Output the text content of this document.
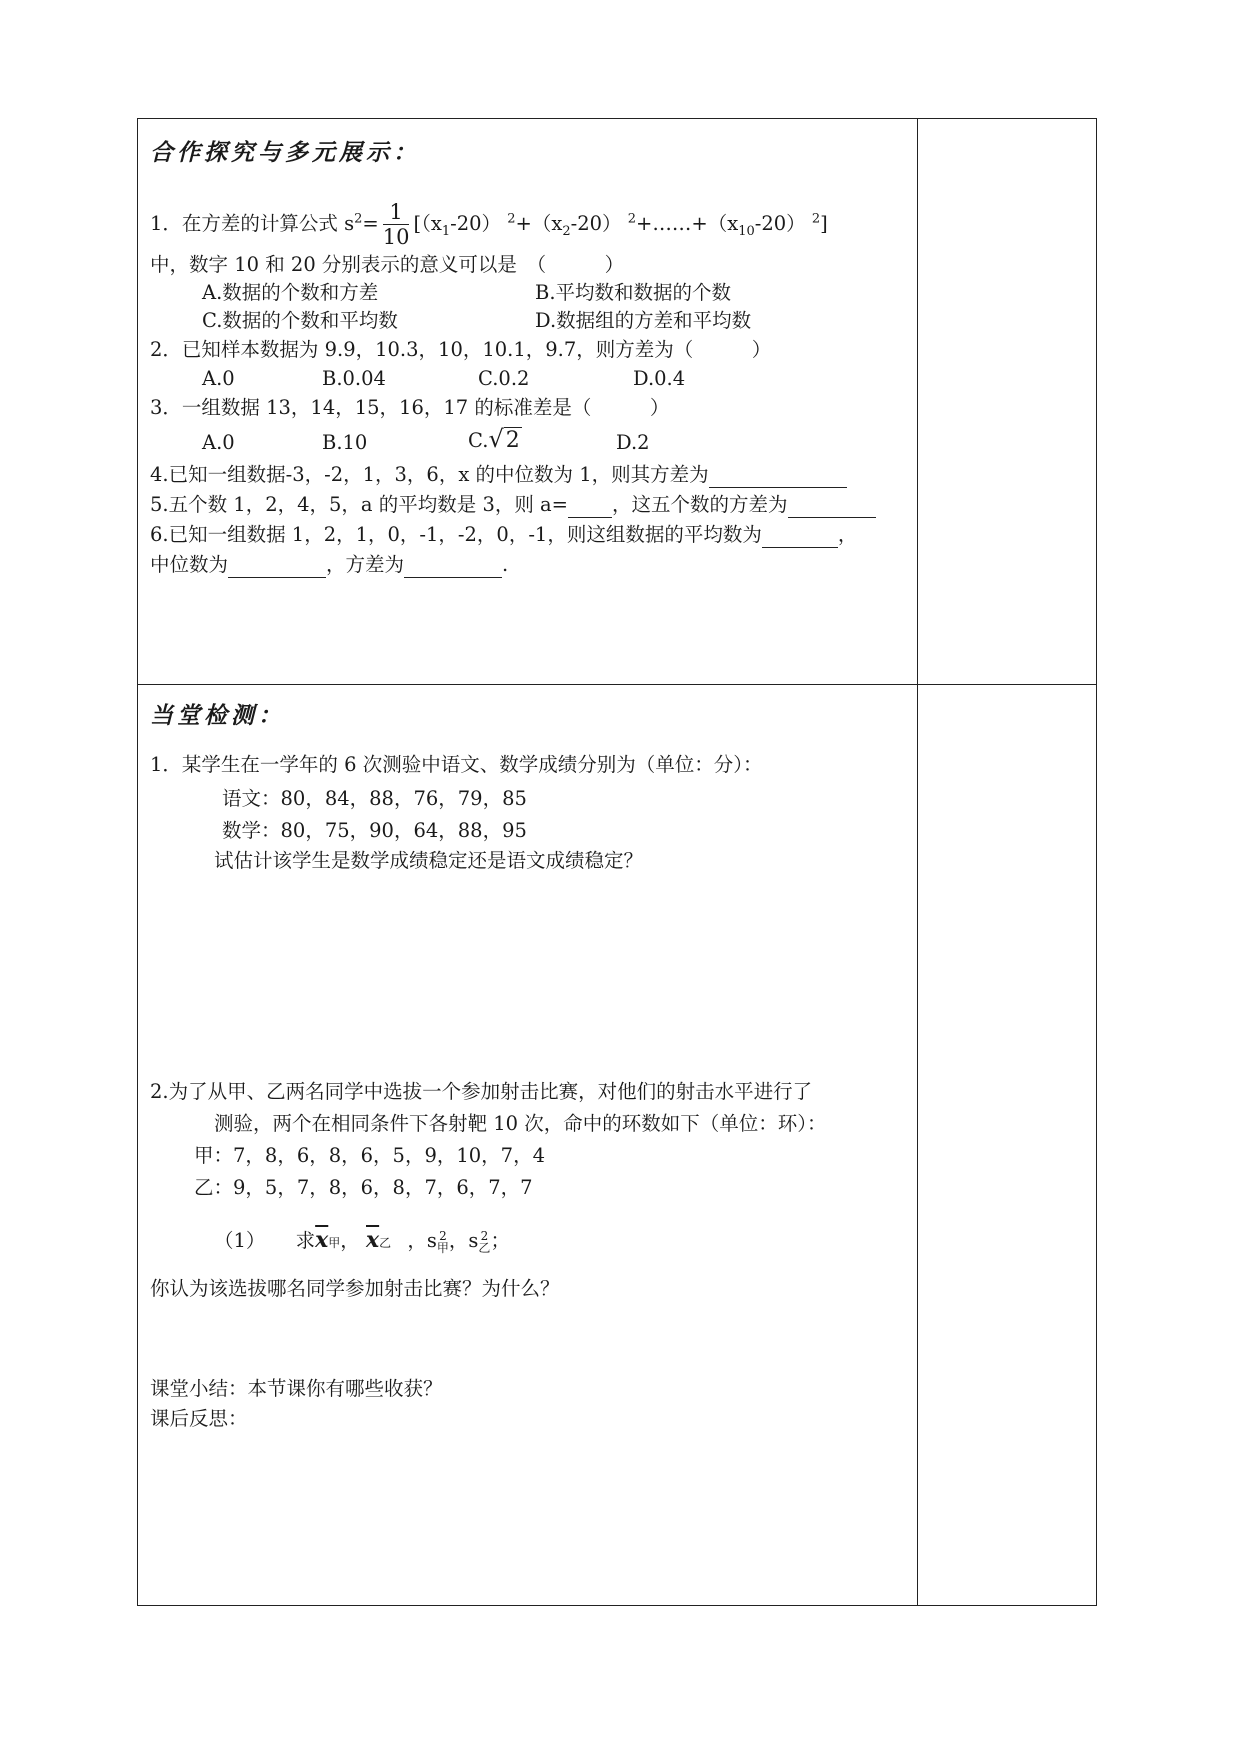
合作探究与多元展示：
1．在方差的计算公式 $s^2= \frac{1}{10} [(x_1-20)$ $^2+(x_2-20)$ $^2+\dots\dots+(x_{10}-20)$ $^2$]
中，数字 10 和 20 分别表示的意义可以是　（　　　）
A.数据的个数和方差	B.平均数和数据的个数
C.数据的个数和平均数	D.数据组的方差和平均数
2．已知样本数据为 9.9，10.3，10，10.1，9.7，则方差为（　　　）
A.0	B.0.04	C.0.2	D.0.4
3．一组数据 13，14，15，16，17 的标准差是（　　　）
A.0	B.10	C.√2	D.2
4.已知一组数据-3，-2，1，3，6，x 的中位数为 1，则其方差为
5.五个数 1，2，4，5，a 的平均数是 3，则 a= ，这五个数的方差为
6.已知一组数据 1，2，1，0，-1，-2，0，-1，则这组数据的平均数为	，
中位数为	，方差为	.
当堂检测：
1．某学生在一学年的 6 次测验中语文、数学成绩分别为（单位：分）：
语文：80，84，88，76，79，85
数学：80，75，90，64，88，95
试估计该学生是数学成绩稳定还是语文成绩稳定？
2.为了从甲、乙两名同学中选拔一个参加射击比赛，对他们的射击水平进行了
测验，两个在相同条件下各射靶 10 次，命中的环数如下（单位：环）：
甲：7，8，6，8，6，5，9，10，7，4
乙：9，5，7，8，6，8，7，6，7，7
（1） 求$\overline{x}$甲， $\overline{x}$乙 ，s 2
甲 ，s 2
乙 ；
你认为该选拔哪名同学参加射击比赛？为什么？
课堂小结：本节课你有哪些收获？
课后反思：
